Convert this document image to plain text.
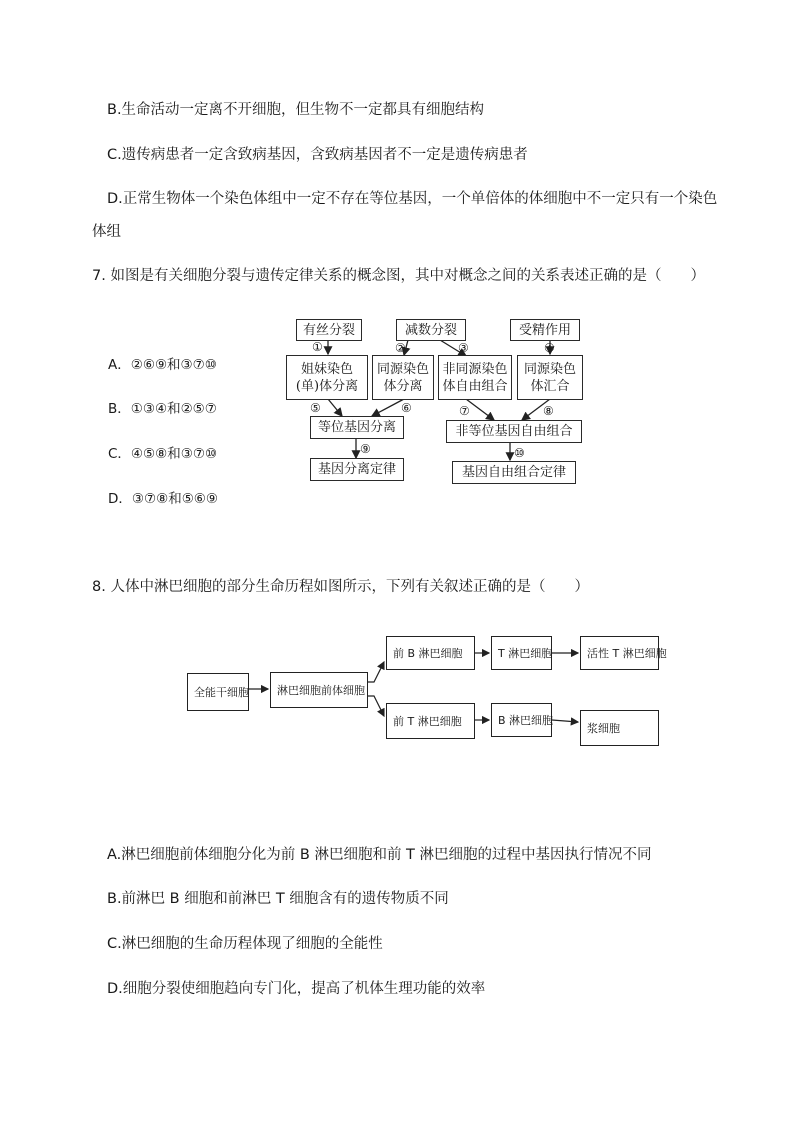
B.生命活动一定离不开细胞，但生物不一定都具有细胞结构
C.遗传病患者一定含致病基因，含致病基因者不一定是遗传病患者
D.正常生物体一个染色体组中一定不存在等位基因，一个单倍体的体细胞中不一定只有一个染色
体组
7. 如图是有关细胞分裂与遗传定律关系的概念图，其中对概念之间的关系表述正确的是（　　）
A．②⑥⑨和③⑦⑩
B．①③④和②⑤⑦
C．④⑤⑧和③⑦⑩
D．③⑦⑧和⑤⑥⑨
有丝分裂	减数分裂	受精作用
①	②	③	④
姐妹染色
(单)体分离
同源染色
体分离
非同源染色
体自由组合
同源染色
体汇合
⑤	⑥	⑦	⑧
等位基因分离	非等位基因自由组合
⑨	⑩
基因分离定律	基因自由组合定律
8. 人体中淋巴细胞的部分生命历程如图所示，下列有关叙述正确的是（　　）
全能干细胞	淋巴细胞前体细胞
前 B 淋巴细胞	T 淋巴细胞	活性 T 淋巴细胞
前 T 淋巴细胞	B 淋巴细胞
浆细胞
A.淋巴细胞前体细胞分化为前 B 淋巴细胞和前 T 淋巴细胞的过程中基因执行情况不同
B.前淋巴 B 细胞和前淋巴 T 细胞含有的遗传物质不同
C.淋巴细胞的生命历程体现了细胞的全能性
D.细胞分裂使细胞趋向专门化，提高了机体生理功能的效率
